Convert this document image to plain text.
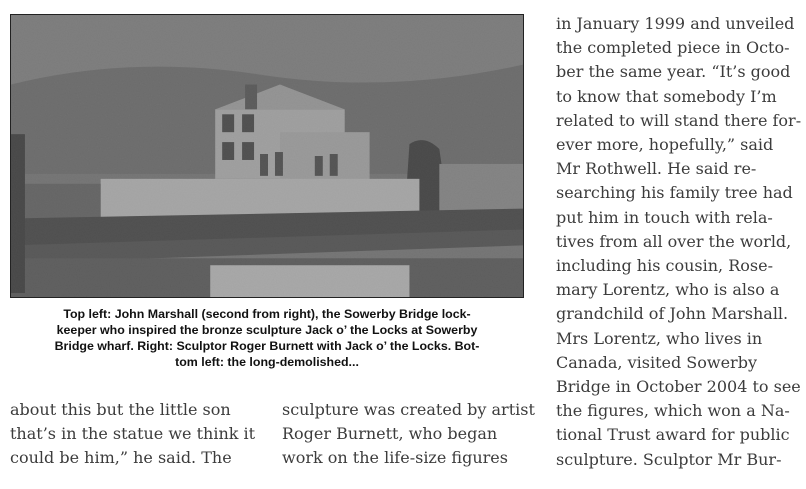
Top left: John Marshall (second from right), the Sowerby Bridge lock-
keeper who inspired the bronze sculpture Jack o’ the Locks at Sowerby
Bridge wharf. Right: Sculptor Roger Burnett with Jack o’ the Locks. Bot-
tom left: the long-demolished...
about this but the little son
that’s in the statue we think it
could be him,” he said. The
sculpture was created by artist
Roger Burnett, who began
work on the life-size figures
in January 1999 and unveiled
the completed piece in Octo-
ber the same year. “It’s good
to know that somebody I’m
related to will stand there for-
ever more, hopefully,” said
Mr Rothwell. He said re-
searching his family tree had
put him in touch with rela-
tives from all over the world,
including his cousin, Rose-
mary Lorentz, who is also a
grandchild of John Marshall.
Mrs Lorentz, who lives in
Canada, visited Sowerby
Bridge in October 2004 to see
the figures, which won a Na-
tional Trust award for public
sculpture. Sculptor Mr Bur-
